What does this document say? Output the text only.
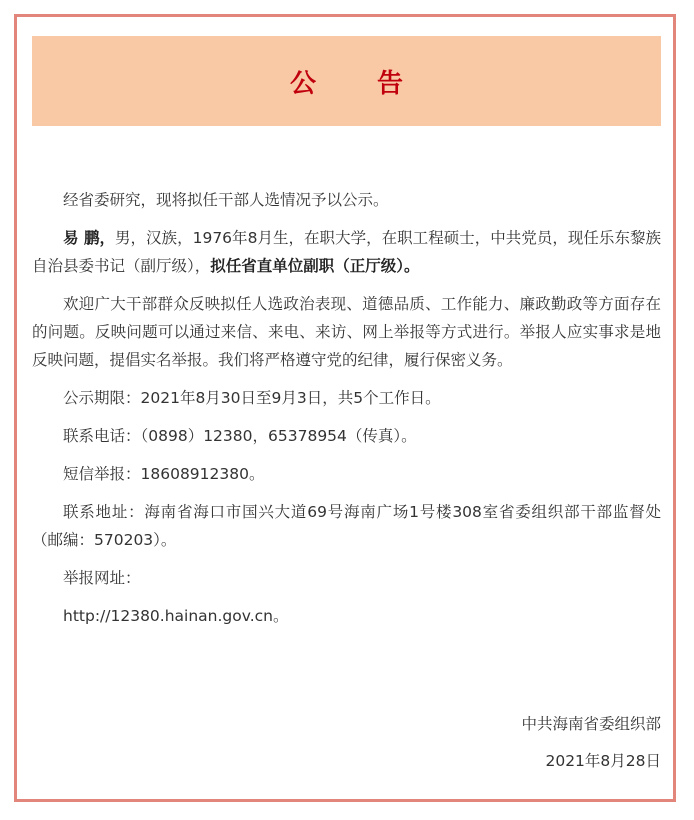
公 告

经省委研究，现将拟任干部人选情况予以公示。

易 鹏，男，汉族，1976年8月生，在职大学，在职工程硕士，中共党员，现任乐东黎族自治县委书记（副厅级），拟任省直单位副职（正厅级）。

欢迎广大干部群众反映拟任人选政治表现、道德品质、工作能力、廉政勤政等方面存在的问题。反映问题可以通过来信、来电、来访、网上举报等方式进行。举报人应实事求是地反映问题，提倡实名举报。我们将严格遵守党的纪律，履行保密义务。

公示期限：2021年8月30日至9月3日，共5个工作日。

联系电话：（0898）12380，65378954（传真）。

短信举报：18608912380。

联系地址：海南省海口市国兴大道69号海南广场1号楼308室省委组织部干部监督处（邮编：570203）。

举报网址：

http://12380.hainan.gov.cn。

中共海南省委组织部
2021年8月28日
